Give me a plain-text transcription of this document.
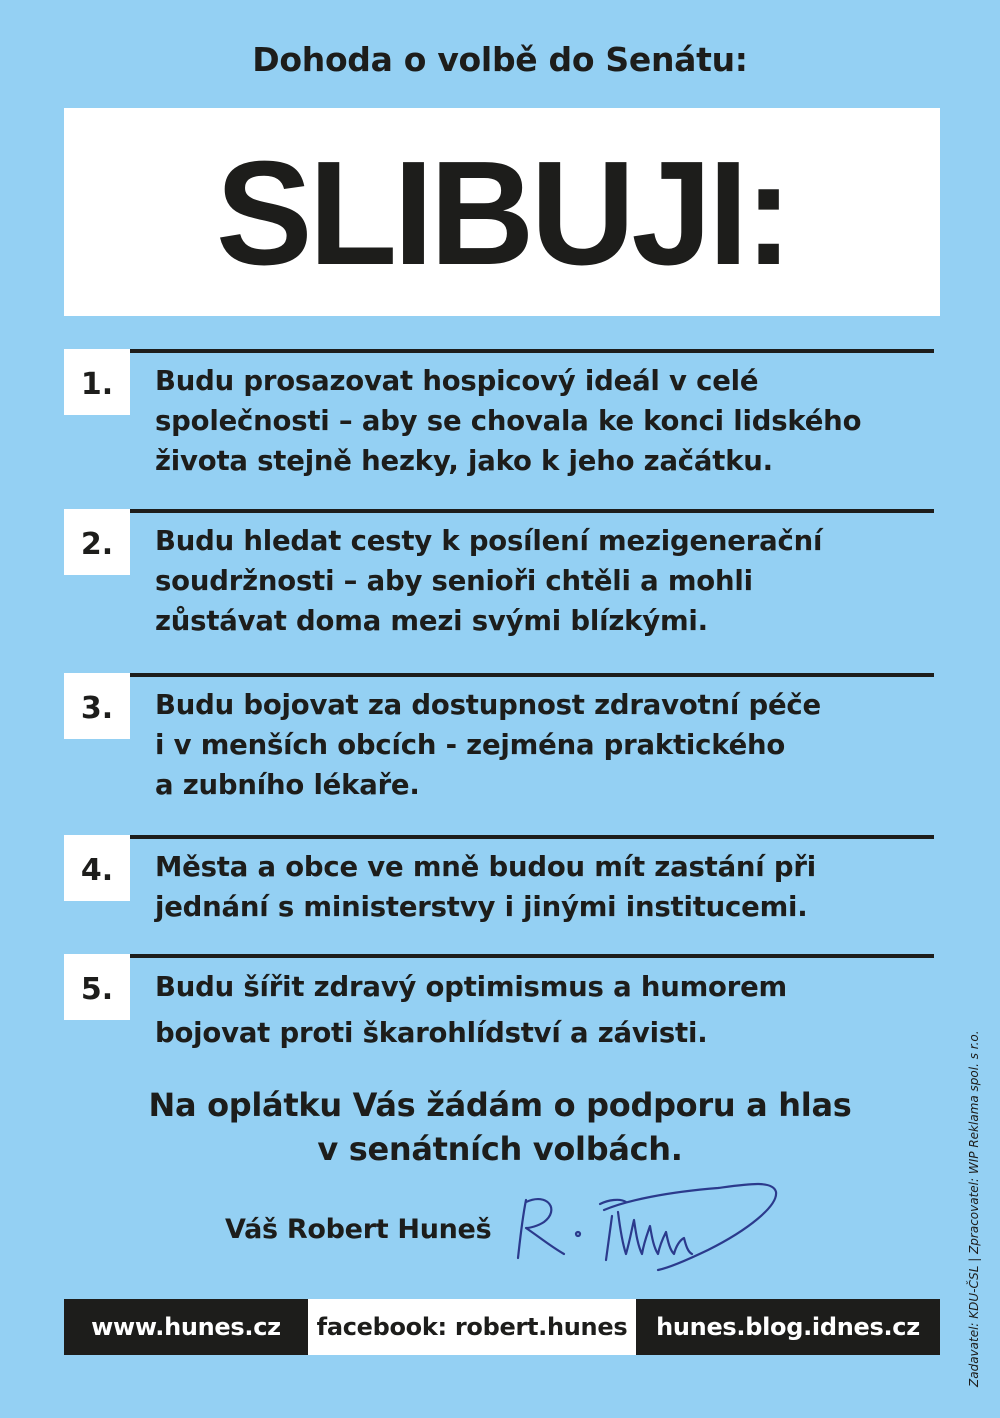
Dohoda o volbě do Senátu:
SLIBUJI:
1. Budu prosazovat hospicový ideál v celé
společnosti – aby se chovala ke konci lidského
života stejně hezky, jako k jeho začátku.
2. Budu hledat cesty k posílení mezigenerační
soudržnosti – aby senioři chtěli a mohli
zůstávat doma mezi svými blízkými.
3. Budu bojovat za dostupnost zdravotní péče
i v menších obcích - zejména praktického
a zubního lékaře.
4. Města a obce ve mně budou mít zastání při
jednání s ministerstvy i jinými institucemi.
5. Budu šířit zdravý optimismus a humorem
bojovat proti škarohlídství a závisti.
Na oplátku Vás žádám o podporu a hlas
v senátních volbách.
Váš Robert Huneš
www.hunes.cz	facebook: robert.hunes	hunes.blog.idnes.cz	Zadavatel: KDU-ČSL | Zpracovatel: WIP Reklama spol. s r.o.
